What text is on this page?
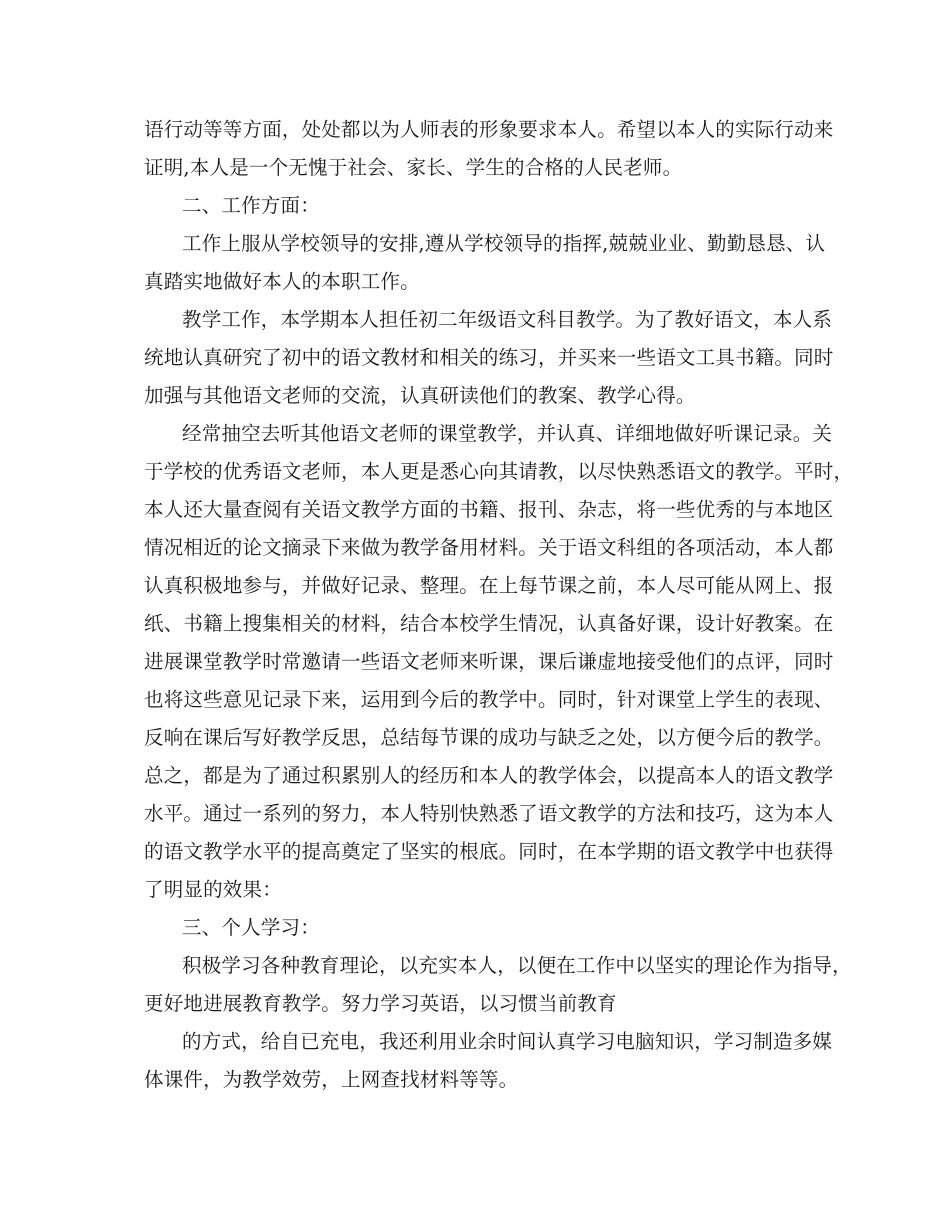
语行动等等方面，处处都以为人师表的形象要求本人。希望以本人的实际行动来
证明,本人是一个无愧于社会、家长、学生的合格的人民老师。
二、工作方面：
工作上服从学校领导的安排,遵从学校领导的指挥,兢兢业业、勤勤恳恳、认
真踏实地做好本人的本职工作。
教学工作，本学期本人担任初二年级语文科目教学。为了教好语文，本人系
统地认真研究了初中的语文教材和相关的练习，并买来一些语文工具书籍。同时
加强与其他语文老师的交流，认真研读他们的教案、教学心得。
经常抽空去听其他语文老师的课堂教学，并认真、详细地做好听课记录。关
于学校的优秀语文老师，本人更是悉心向其请教，以尽快熟悉语文的教学。平时，
本人还大量查阅有关语文教学方面的书籍、报刊、杂志，将一些优秀的与本地区
情况相近的论文摘录下来做为教学备用材料。关于语文科组的各项活动，本人都
认真积极地参与，并做好记录、整理。在上每节课之前，本人尽可能从网上、报
纸、书籍上搜集相关的材料，结合本校学生情况，认真备好课，设计好教案。在
进展课堂教学时常邀请一些语文老师来听课，课后谦虚地接受他们的点评，同时
也将这些意见记录下来，运用到今后的教学中。同时，针对课堂上学生的表现、
反响在课后写好教学反思，总结每节课的成功与缺乏之处，以方便今后的教学。
总之，都是为了通过积累别人的经历和本人的教学体会，以提高本人的语文教学
水平。通过一系列的努力，本人特别快熟悉了语文教学的方法和技巧，这为本人
的语文教学水平的提高奠定了坚实的根底。同时，在本学期的语文教学中也获得
了明显的效果：
三、个人学习：
积极学习各种教育理论，以充实本人，以便在工作中以坚实的理论作为指导，
更好地进展教育教学。努力学习英语，以习惯当前教育
的方式，给自已充电，我还利用业余时间认真学习电脑知识，学习制造多媒
体课件，为教学效劳，上网查找材料等等。
